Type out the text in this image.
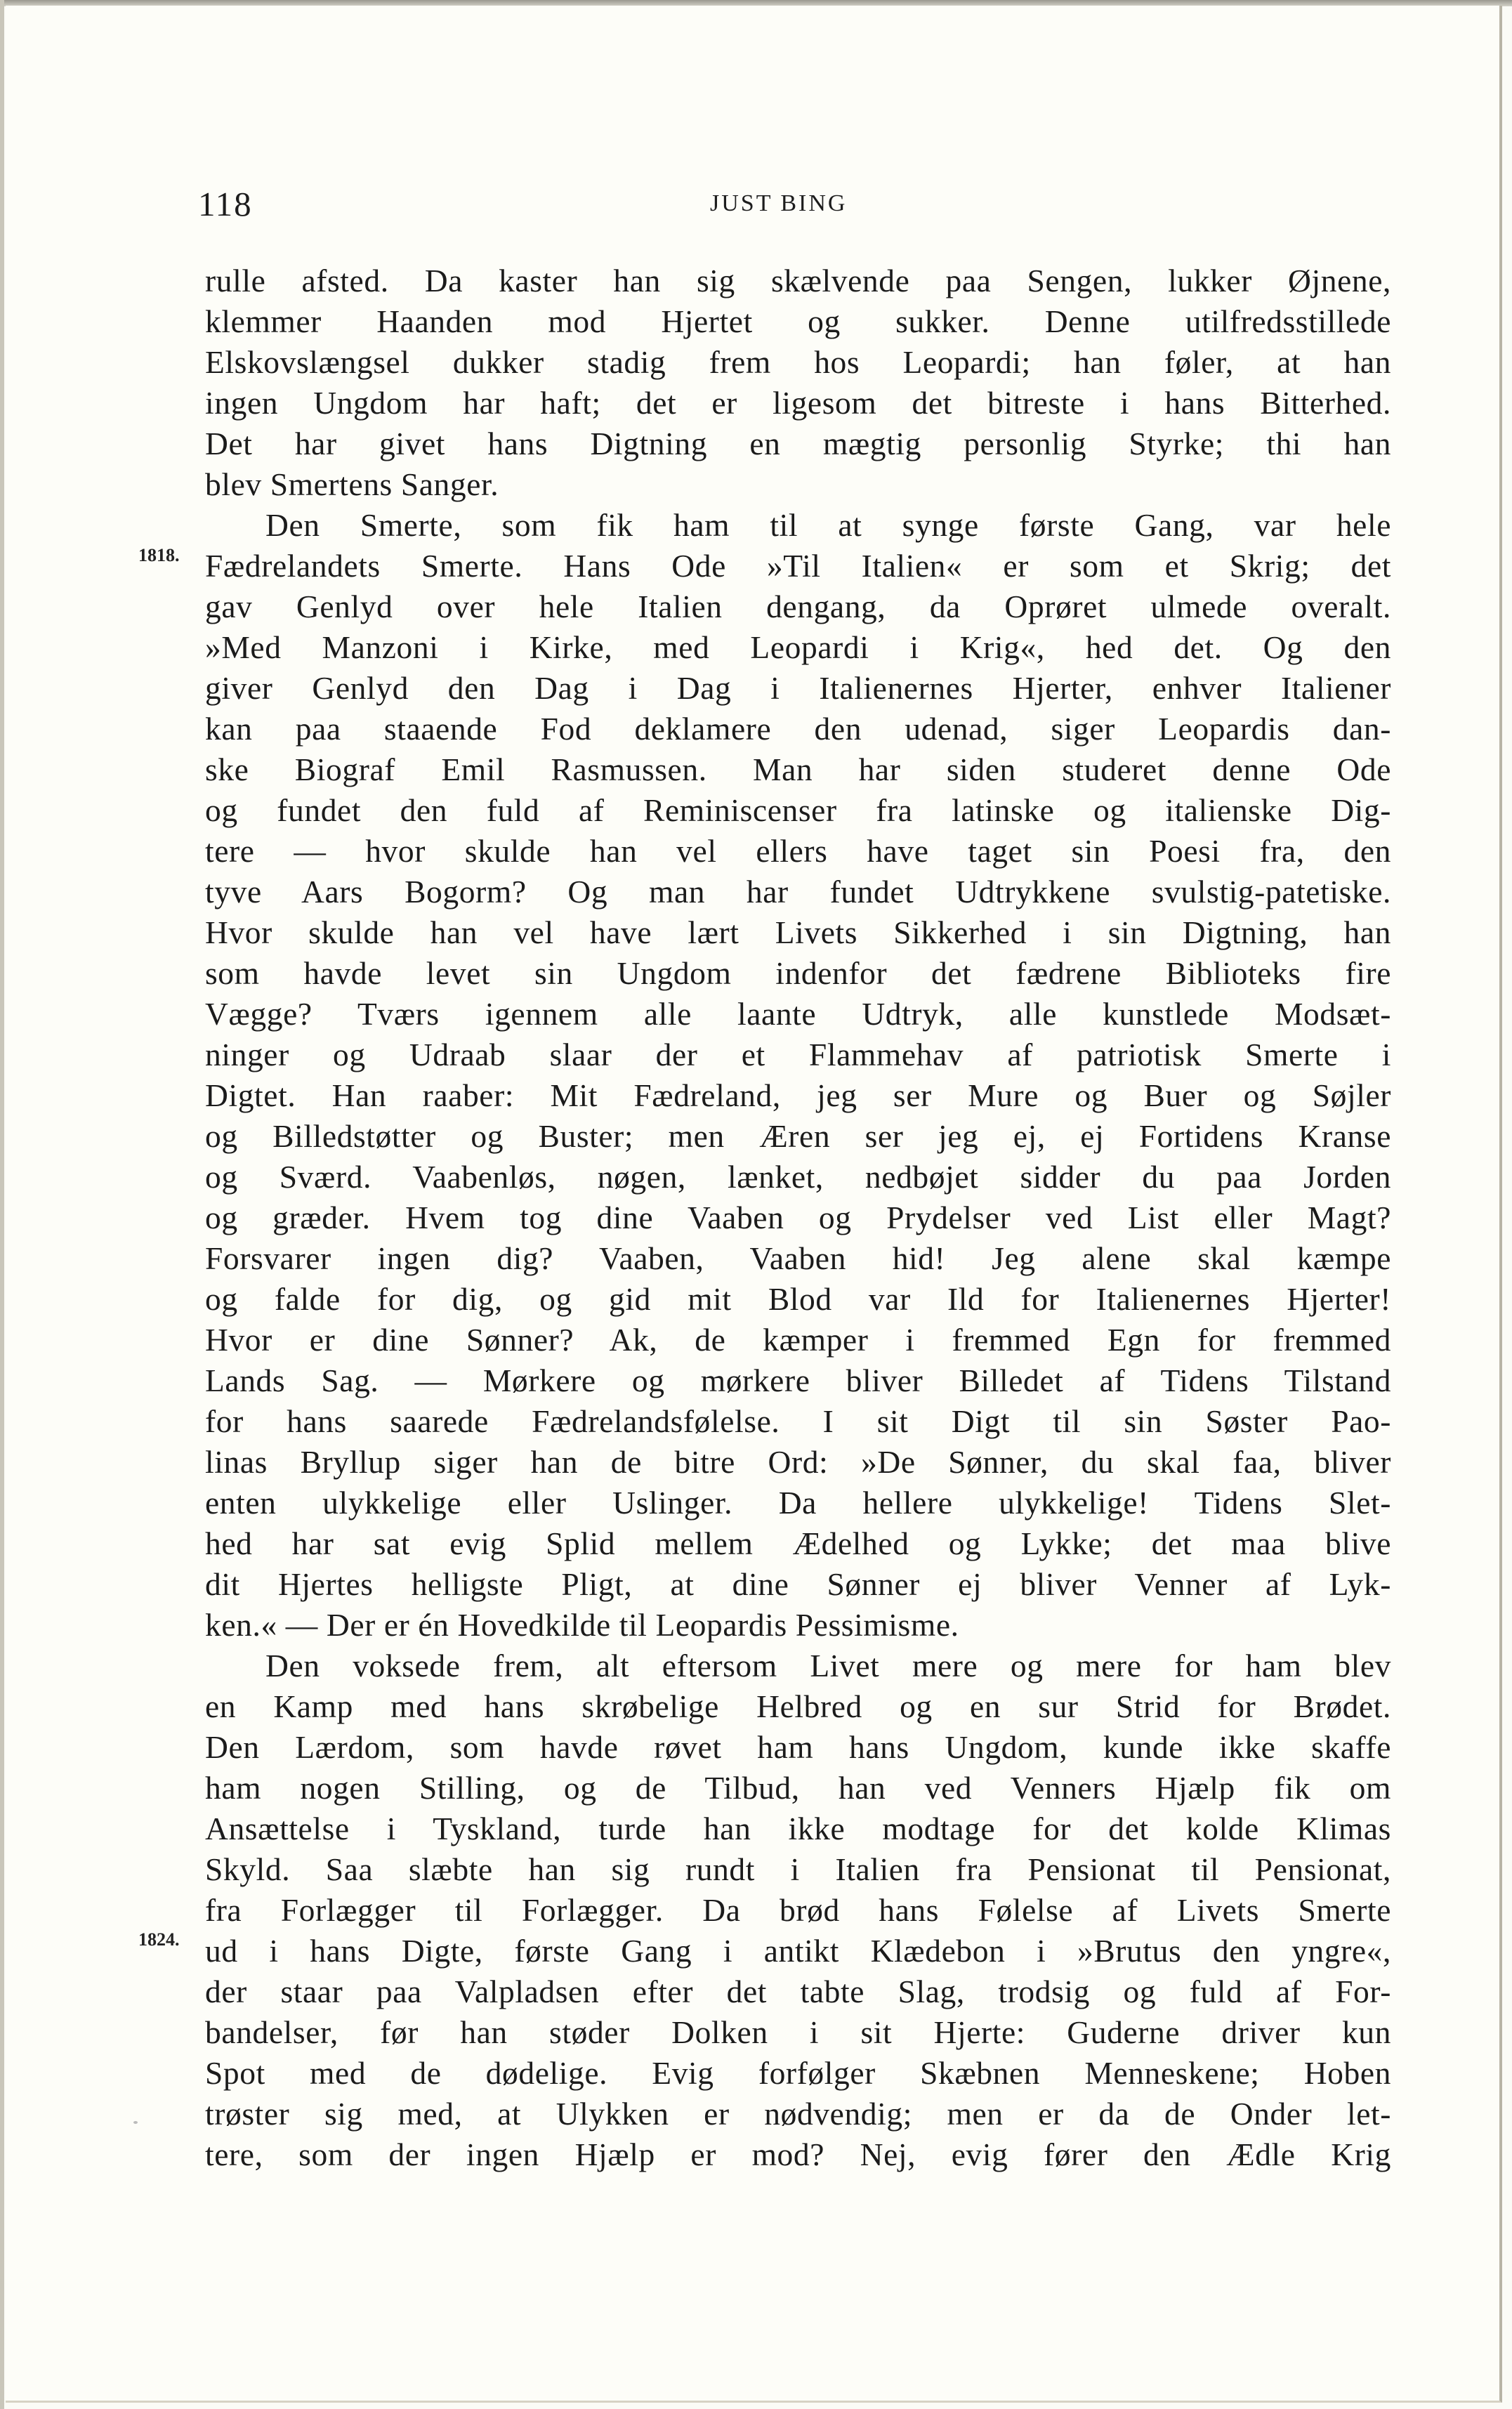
118	JUST BING
1818.
1824.

rulle afsted. Da kaster han sig skælvende paa Sengen, lukker Øjnene,

klemmer Haanden mod Hjertet og sukker. Denne utilfredsstillede

Elskovslængsel dukker stadig frem hos Leopardi; han føler, at han

ingen Ungdom har haft; det er ligesom det bitreste i hans Bitterhed.

Det har givet hans Digtning en mægtig personlig Styrke; thi han

blev Smertens Sanger.

Den Smerte, som fik ham til at synge første Gang, var hele

Fædrelandets Smerte. Hans Ode »Til Italien« er som et Skrig; det

gav Genlyd over hele Italien dengang, da Oprøret ulmede overalt.

»Med Manzoni i Kirke, med Leopardi i Krig«, hed det. Og den

giver Genlyd den Dag i Dag i Italienernes Hjerter, enhver Italiener

kan paa staaende Fod deklamere den udenad, siger Leopardis dan-

ske Biograf Emil Rasmussen. Man har siden studeret denne Ode

og fundet den fuld af Reminiscenser fra latinske og italienske Dig-

tere — hvor skulde han vel ellers have taget sin Poesi fra, den

tyve Aars Bogorm? Og man har fundet Udtrykkene svulstig-patetiske.

Hvor skulde han vel have lært Livets Sikkerhed i sin Digtning, han

som havde levet sin Ungdom indenfor det fædrene Biblioteks fire

Vægge? Tværs igennem alle laante Udtryk, alle kunstlede Modsæt-

ninger og Udraab slaar der et Flammehav af patriotisk Smerte i

Digtet. Han raaber: Mit Fædreland, jeg ser Mure og Buer og Søjler

og Billedstøtter og Buster; men Æren ser jeg ej, ej Fortidens Kranse

og Sværd. Vaabenløs, nøgen, lænket, nedbøjet sidder du paa Jorden

og græder. Hvem tog dine Vaaben og Prydelser ved List eller Magt?

Forsvarer ingen dig? Vaaben, Vaaben hid! Jeg alene skal kæmpe

og falde for dig, og gid mit Blod var Ild for Italienernes Hjerter!

Hvor er dine Sønner? Ak, de kæmper i fremmed Egn for fremmed

Lands Sag. — Mørkere og mørkere bliver Billedet af Tidens Tilstand

for hans saarede Fædrelandsfølelse. I sit Digt til sin Søster Pao-

linas Bryllup siger han de bitre Ord: »De Sønner, du skal faa, bliver

enten ulykkelige eller Uslinger. Da hellere ulykkelige! Tidens Slet-

hed har sat evig Splid mellem Ædelhed og Lykke; det maa blive

dit Hjertes helligste Pligt, at dine Sønner ej bliver Venner af Lyk-

ken.« — Der er én Hovedkilde til Leopardis Pessimisme.

Den voksede frem, alt eftersom Livet mere og mere for ham blev

en Kamp med hans skrøbelige Helbred og en sur Strid for Brødet.

Den Lærdom, som havde røvet ham hans Ungdom, kunde ikke skaffe

ham nogen Stilling, og de Tilbud, han ved Venners Hjælp fik om

Ansættelse i Tyskland, turde han ikke modtage for det kolde Klimas

Skyld. Saa slæbte han sig rundt i Italien fra Pensionat til Pensionat,

fra Forlægger til Forlægger. Da brød hans Følelse af Livets Smerte

ud i hans Digte, første Gang i antikt Klædebon i »Brutus den yngre«,

der staar paa Valpladsen efter det tabte Slag, trodsig og fuld af For-

bandelser, før han støder Dolken i sit Hjerte: Guderne driver kun

Spot med de dødelige. Evig forfølger Skæbnen Menneskene; Hoben

trøster sig med, at Ulykken er nødvendig; men er da de Onder let-

tere, som der ingen Hjælp er mod? Nej, evig fører den Ædle Krig
